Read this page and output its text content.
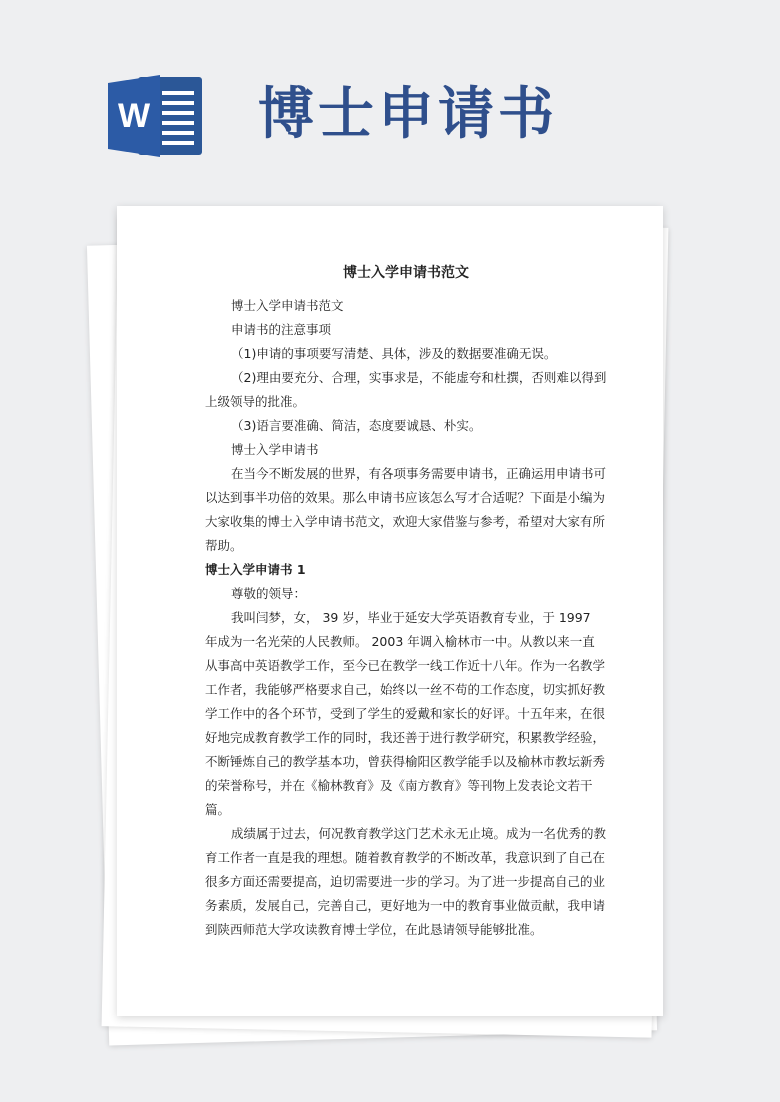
W 博士申请书
博士入学申请书范文

博士入学申请书范文

申请书的注意事项

（1)申请的事项要写清楚、具体，涉及的数据要准确无误。

（2)理由要充分、合理，实事求是，不能虚夸和杜撰，否则难以得到上级领导的批准。

（3)语言要准确、简洁，态度要诚恳、朴实。

博士入学申请书

在当今不断发展的世界，有各项事务需要申请书，正确运用申请书可以达到事半功倍的效果。那么申请书应该怎么写才合适呢？下面是小编为大家收集的博士入学申请书范文，欢迎大家借鉴与参考，希望对大家有所帮助。

博士入学申请书 1

尊敬的领导：

我叫闫梦，女， 39 岁，毕业于延安大学英语教育专业，于 1997 年成为一名光荣的人民教师。 2003 年调入榆林市一中。从教以来一直从事高中英语教学工作，至今已在教学一线工作近十八年。作为一名教学工作者，我能够严格要求自己，始终以一丝不苟的工作态度，切实抓好教学工作中的各个环节，受到了学生的爱戴和家长的好评。十五年来，在很好地完成教育教学工作的同时，我还善于进行教学研究，积累教学经验，不断锤炼自己的教学基本功，曾获得榆阳区教学能手以及榆林市教坛新秀的荣誉称号，并在《榆林教育》及《南方教育》等刊物上发表论文若干篇。

成绩属于过去，何况教育教学这门艺术永无止境。成为一名优秀的教育工作者一直是我的理想。随着教育教学的不断改革，我意识到了自己在很多方面还需要提高，迫切需要进一步的学习。为了进一步提高自己的业务素质，发展自己，完善自己，更好地为一中的教育事业做贡献，我申请到陕西师范大学攻读教育博士学位，在此恳请领导能够批准。
